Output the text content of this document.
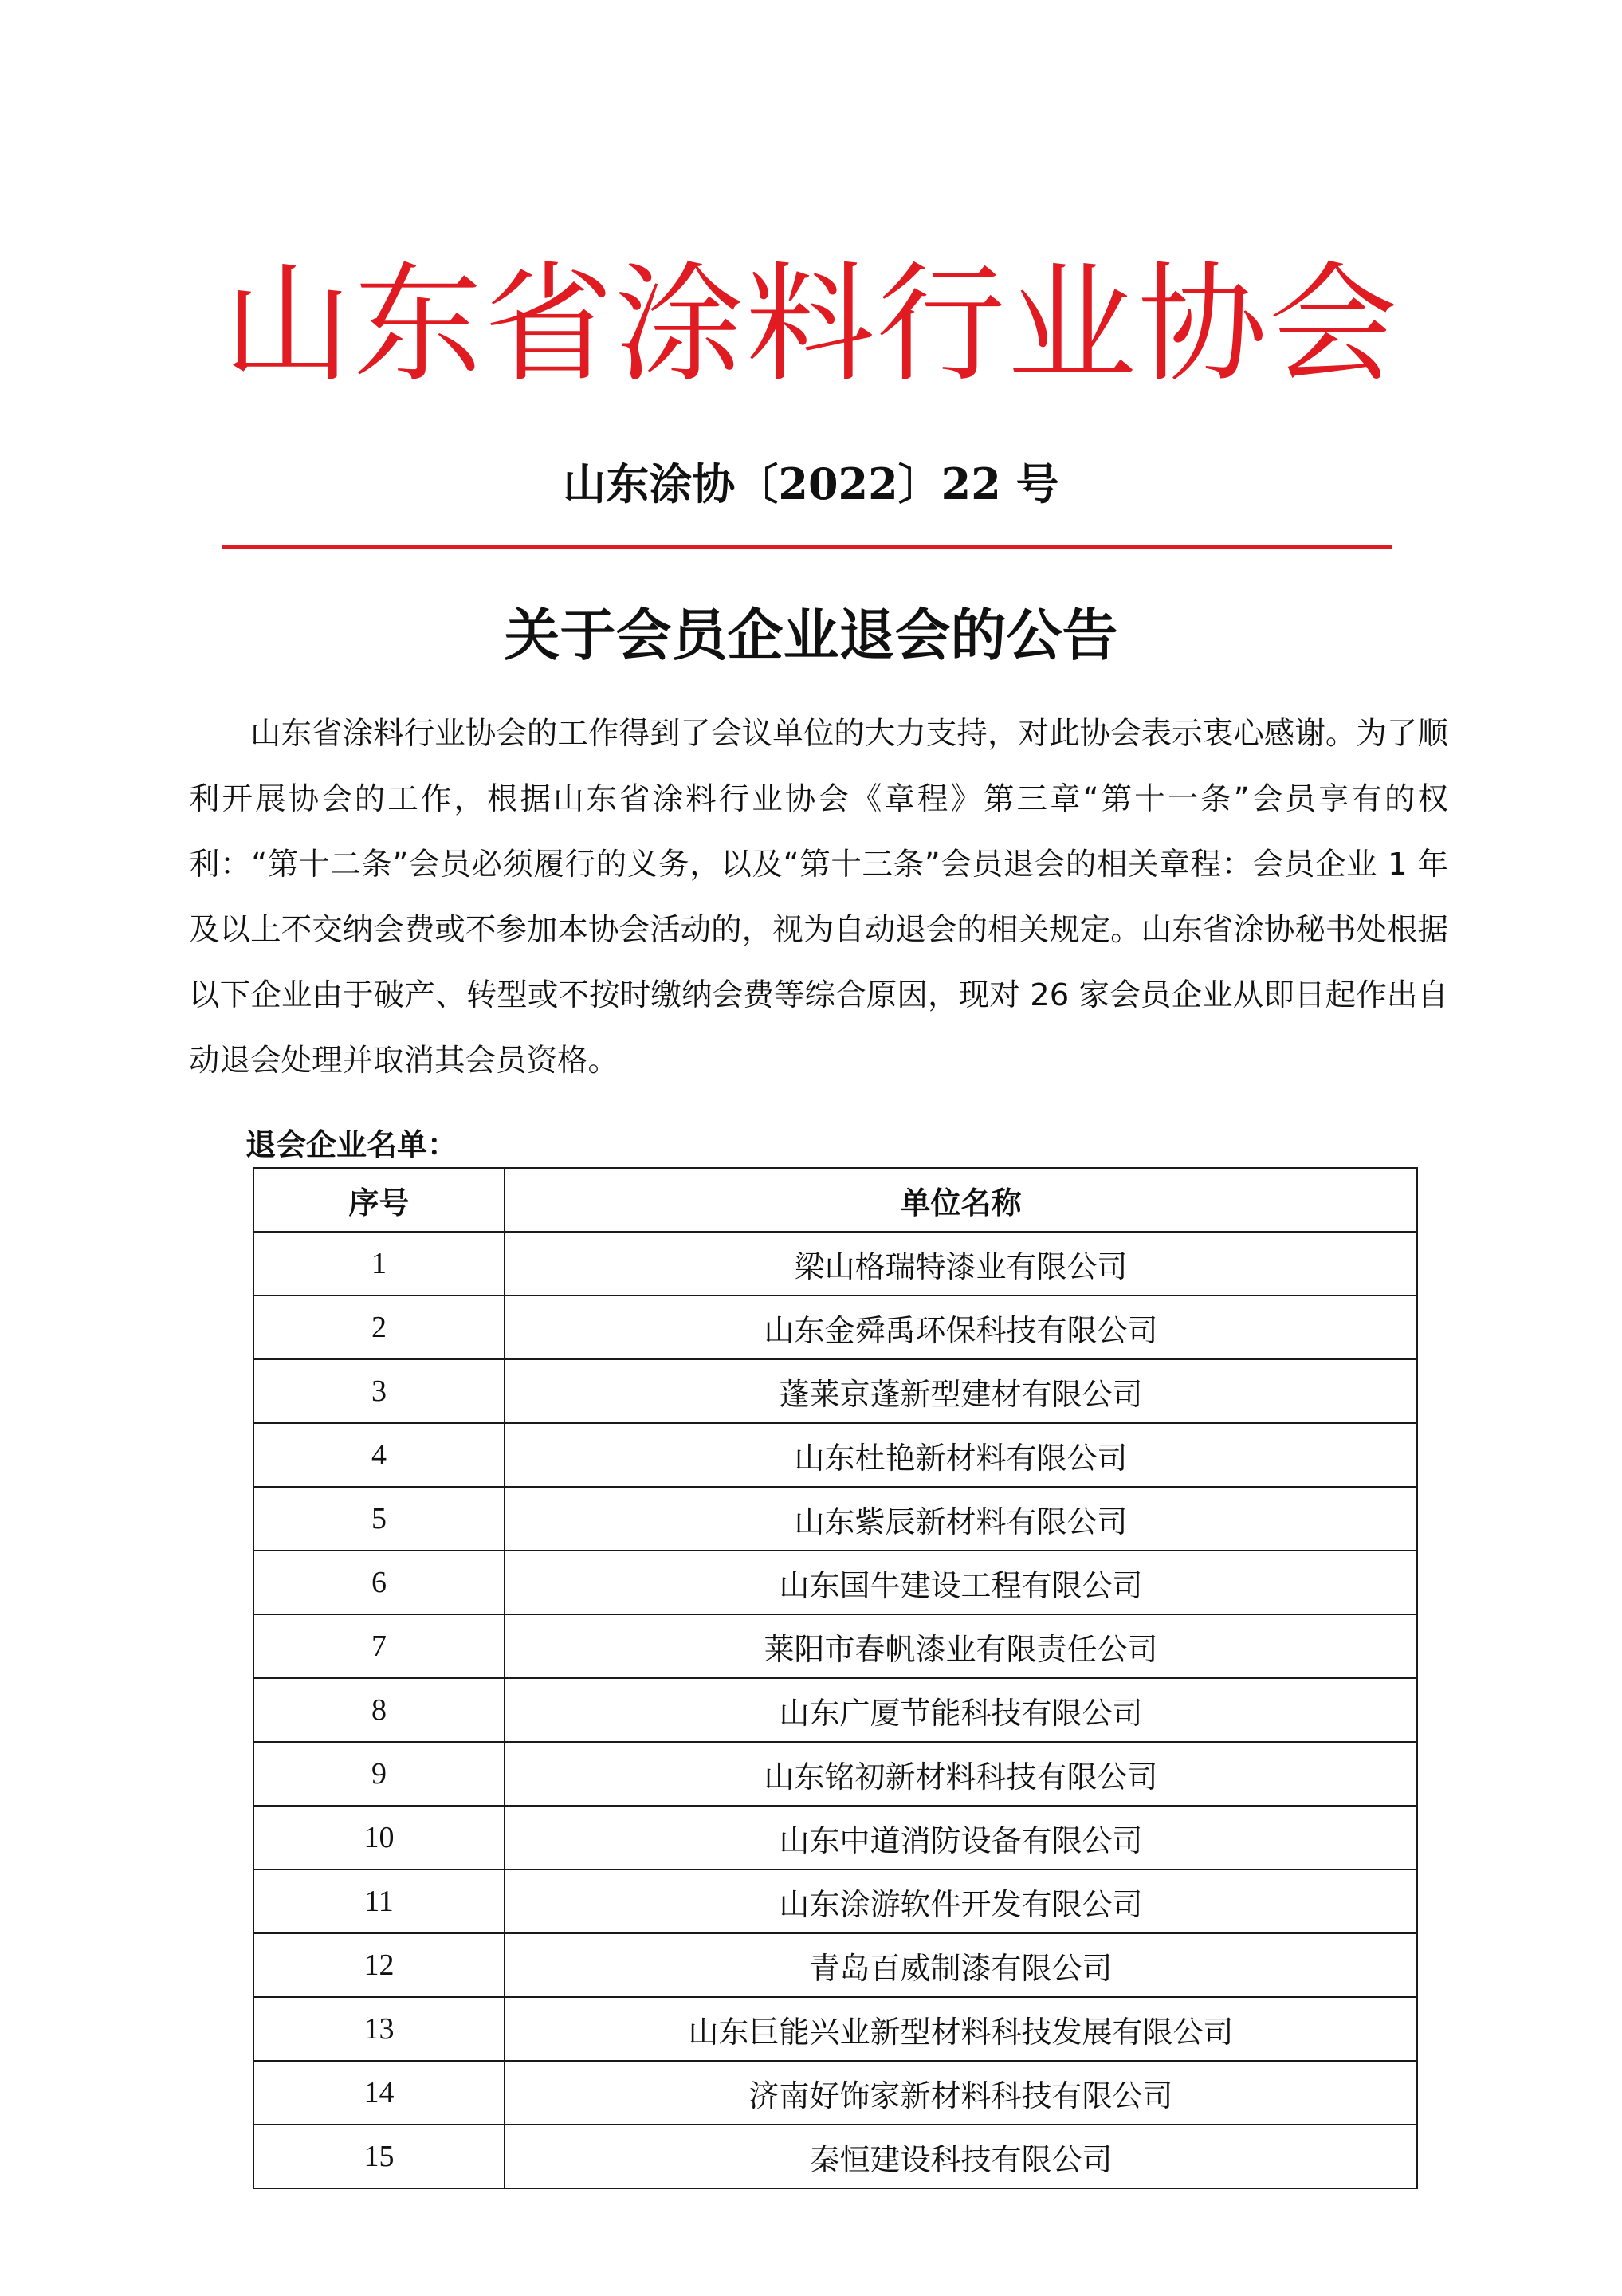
山东省涂料行业协会
山东涂协〔2022〕22 号
关于会员企业退会的公告

山东省涂料行业协会的工作得到了会议单位的大力支持，对此协会表示衷心感谢。为了顺利开展协会的工作，根据山东省涂料行业协会《章程》第三章“第十一条”会员享有的权利：“第十二条”会员必须履行的义务，以及“第十三条”会员退会的相关章程：会员企业 1 年及以上不交纳会费或不参加本协会活动的，视为自动退会的相关规定。山东省涂协秘书处根据以下企业由于破产、转型或不按时缴纳会费等综合原因，现对 26 家会员企业从即日起作出自动退会处理并取消其会员资格。

退会企业名单：
序号	单位名称
1	梁山格瑞特漆业有限公司
2	山东金舜禹环保科技有限公司
3	蓬莱京蓬新型建材有限公司
4	山东杜艳新材料有限公司
5	山东紫辰新材料有限公司
6	山东国牛建设工程有限公司
7	莱阳市春帆漆业有限责任公司
8	山东广厦节能科技有限公司
9	山东铭初新材料科技有限公司
10	山东中道消防设备有限公司
11	山东涂游软件开发有限公司
12	青岛百威制漆有限公司
13	山东巨能兴业新型材料科技发展有限公司
14	济南好饰家新材料科技有限公司
15	秦恒建设科技有限公司
